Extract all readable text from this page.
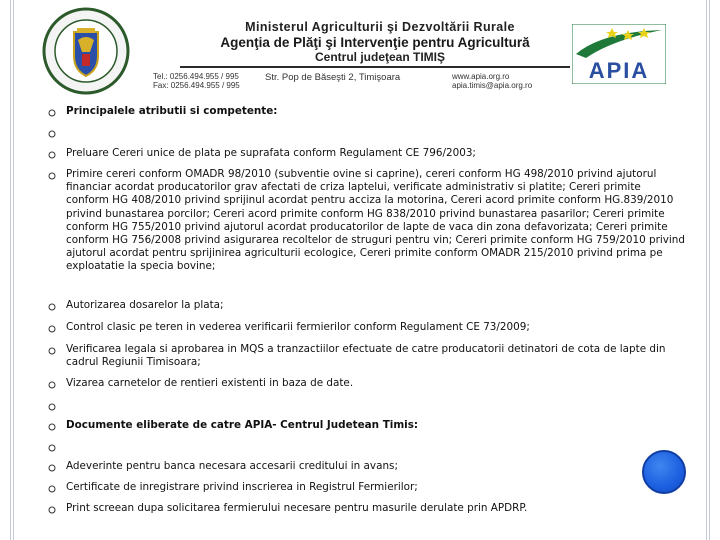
Ministerul Agriculturii şi Dezvoltării Rurale
Agenţia de Plăţi şi Intervenţie pentru Agricultură
Centrul judeţean TIMIŞ
Tel.: 0256.494.955 / 995
Fax: 0256.494.955 / 995
Str. Pop de Băseşti 2, Timişoara	www.apia.org.ro
apia.timis@apia.org.ro
APIA
Principalele atributii si competente:
Preluare Cereri unice de plata pe suprafata conform Regulament CE 796/2003;
Primire cereri conform OMADR 98/2010 (subventie ovine si caprine), cereri conform HG 498/2010 privind ajutorul financiar acordat producatorilor grav afectati de criza laptelui, verificate administrativ si platite; Cereri primite conform HG 408/2010 privind sprijinul acordat pentru acciza la motorina, Cereri acord primite conform HG.839/2010 privind bunastarea porcilor; Cereri acord primite conform HG 838/2010 privind bunastarea pasarilor; Cereri primite conform HG 755/2010 privind ajutorul acordat producatorilor de lapte de vaca din zona defavorizata; Cereri primite conform HG 756/2008 privind asigurarea recoltelor de struguri pentru vin; Cereri primite conform HG 759/2010 privind ajutorul acordat pentru sprijinirea agriculturii ecologice, Cereri primite conform OMADR 215/2010 privind prima pe exploatatie la specia bovine;
Autorizarea dosarelor la plata;
Control clasic pe teren in vederea verificarii fermierilor conform Regulament CE 73/2009;
Verificarea legala si aprobarea in MQS a tranzactiilor efectuate de catre producatorii detinatori de cota de lapte din cadrul Regiunii Timisoara;
Vizarea carnetelor de rentieri existenti in baza de date.
Documente eliberate de catre APIA- Centrul Judetean Timis:
Adeverinte pentru banca necesara accesarii creditului in avans;
Certificate de inregistrare privind inscrierea in Registrul Fermierilor;
Print screean dupa solicitarea fermierului necesare pentru masurile derulate prin APDRP.
